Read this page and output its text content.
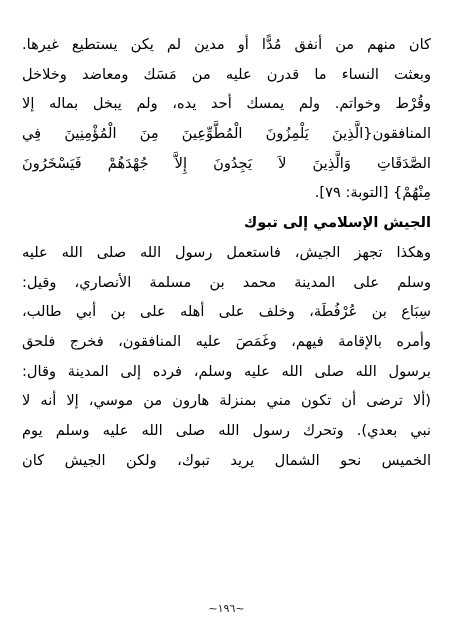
كان منهم من أنفق مُدًّا أو مدين لم يكن يستطيع غيرها.
وبعثت النساء ما قدرن عليه من مَسَك ومعاضد وخلاخل
وقُرْط وخواتم. ولم يمسك أحد يده، ولم يبخل بماله إلا
المنافقون{الَّذِينَ يَلْمِزُونَ الْمُطَّوِّعِينَ مِنَ الْمُؤْمِنِينَ فِي
الصَّدَقَاتِ وَالَّذِينَ لاَ يَجِدُونَ إِلاَّ جُهْدَهُمْ فَيَسْخَرُونَ
مِنْهُمْ} [التوبة: ٧٩].
الجيش الإسلامي إلى تبوك
وهكذا تجهز الجيش، فاستعمل رسول الله صلى الله عليه
وسلم على المدينة محمد بن مسلمة الأنصاري، وقيل:
سِبَاع بن عُرْفُطَة، وخلف على أهله على بن أبي طالب،
وأمره بالإقامة فيهم، وغَمَصَ عليه المنافقون، فخرج فلحق
برسول الله صلى الله عليه وسلم، فرده إلى المدينة وقال:
(ألا ترضى أن تكون مني بمنزلة هارون من موسي، إلا أنه لا
نبي بعدي). وتحرك رسول الله صلى الله عليه وسلم يوم
الخميس نحو الشمال يريد تبوك، ولكن الجيش كان
~١٩٦~
